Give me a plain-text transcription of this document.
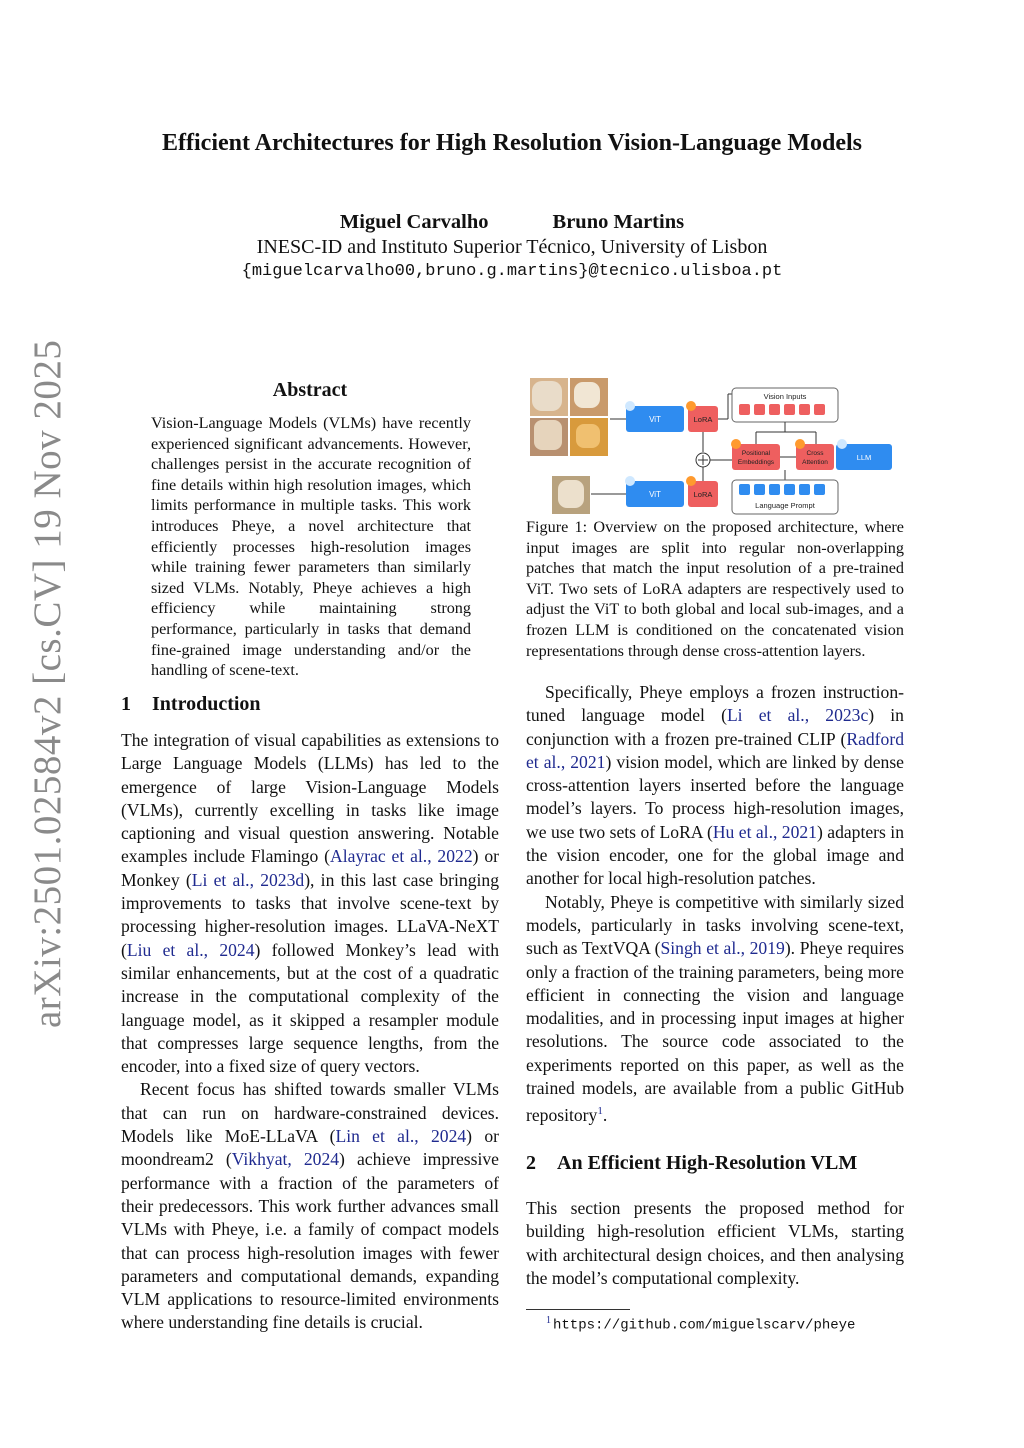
arXiv:2501.02584v2 [cs.CV] 19 Nov 2025
Efficient Architectures for High Resolution Vision-Language Models
Miguel Carvalho	Bruno Martins
INESC-ID and Instituto Superior Técnico, University of Lisbon
{miguelcarvalho00,bruno.g.martins}@tecnico.ulisboa.pt
Abstract
Vision-Language Models (VLMs) have recently experienced significant advancements. However, challenges persist in the accurate recognition of fine details within high resolution images, which limits performance in multiple tasks. This work introduces Pheye, a novel architecture that efficiently processes high-resolution images while training fewer parameters than similarly sized VLMs. Notably, Pheye achieves a high efficiency while maintaining strong performance, particularly in tasks that demand fine-grained image understanding and/or the handling of scene-text.
1 Introduction

The integration of visual capabilities as extensions to Large Language Models (LLMs) has led to the emergence of large Vision-Language Models (VLMs), currently excelling in tasks like image captioning and visual question answering. Notable examples include Flamingo (Alayrac et al., 2022) or Monkey (Li et al., 2023d), in this last case bringing improvements to tasks that involve scene-text by processing higher-resolution images. LLaVA-NeXT (Liu et al., 2024) followed Monkey’s lead with similar enhancements, but at the cost of a quadratic increase in the computational complexity of the language model, as it skipped a resampler module that compresses large sequence lengths, from the encoder, into a fixed size of query vectors.

Recent focus has shifted towards smaller VLMs that can run on hardware-constrained devices. Models like MoE-LLaVA (Lin et al., 2024) or moondream2 (Vikhyat, 2024) achieve impressive performance with a fraction of the parameters of their predecessors. This work further advances small VLMs with Pheye, i.e. a family of compact models that can process high-resolution images with fewer parameters and computational demands, expanding VLM applications to resource-limited environments where understanding fine details is crucial.

ViT	LoRA
ViT	LoRA
Vision Inputs
Positional
Embeddings
Cross
Attention
LLM
Language Prompt

Figure 1: Overview on the proposed architecture, where input images are split into regular non-overlapping patches that match the input resolution of a pre-trained ViT. Two sets of LoRA adapters are respectively used to adjust the ViT to both global and local sub-images, and a frozen LLM is conditioned on the concatenated vision representations through dense cross-attention layers.

Specifically, Pheye employs a frozen instruction-tuned language model (Li et al., 2023c) in conjunction with a frozen pre-trained CLIP (Radford et al., 2021) vision model, which are linked by dense cross-attention layers inserted before the language model’s layers. To process high-resolution images, we use two sets of LoRA (Hu et al., 2021) adapters in the vision encoder, one for the global image and another for local high-resolution patches.

Notably, Pheye is competitive with similarly sized models, particularly in tasks involving scene-text, such as TextVQA (Singh et al., 2019). Pheye requires only a fraction of the training parameters, being more efficient in connecting the vision and language modalities, and in processing input images at higher resolutions. The source code associated to the experiments reported on this paper, as well as the trained models, are available from a public GitHub repository$^1$.

2 An Efficient High-Resolution VLM

This section presents the proposed method for building high-resolution efficient VLMs, starting with architectural design choices, and then analysing the model’s computational complexity.

$^1$ https://github.com/miguelscarv/pheye
